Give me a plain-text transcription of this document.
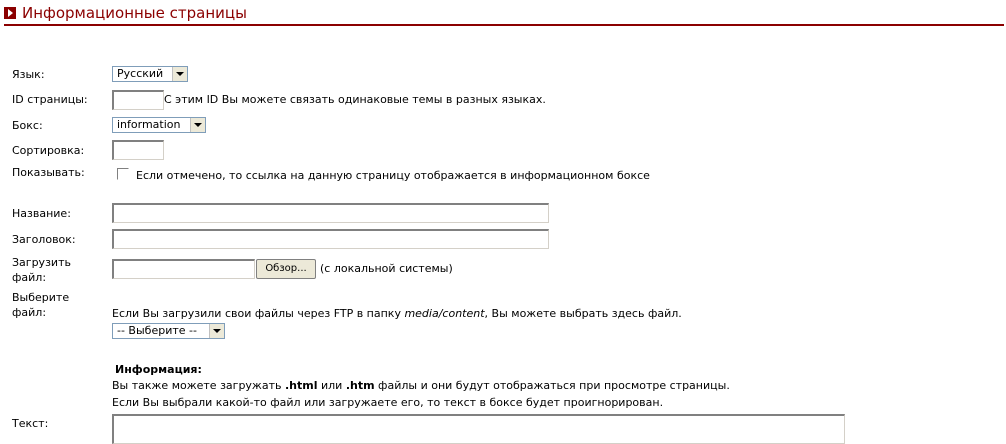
Информационные страницы
Язык:	Русский
ID страницы:	С этим ID Вы можете связать одинаковые темы в разных языках.
Бокс:	information
Сортировка:
Показывать:	Если отмечено, то ссылка на данную страницу отображается в информационном боксе
Название:
Заголовок:
Загрузить
файл:
Обзор...	(с локальной системы)
Выберите
файл:	Если Вы загрузили свои файлы через FTP в папку media/content, Вы можете выбрать здесь файл.
-- Выберите --
Информация:
Вы также можете загружать .html или .htm файлы и они будут отображаться при просмотре страницы.
Если Вы выбрали какой-то файл или загружаете его, то текст в боксе будет проигнорирован.
Текст:
